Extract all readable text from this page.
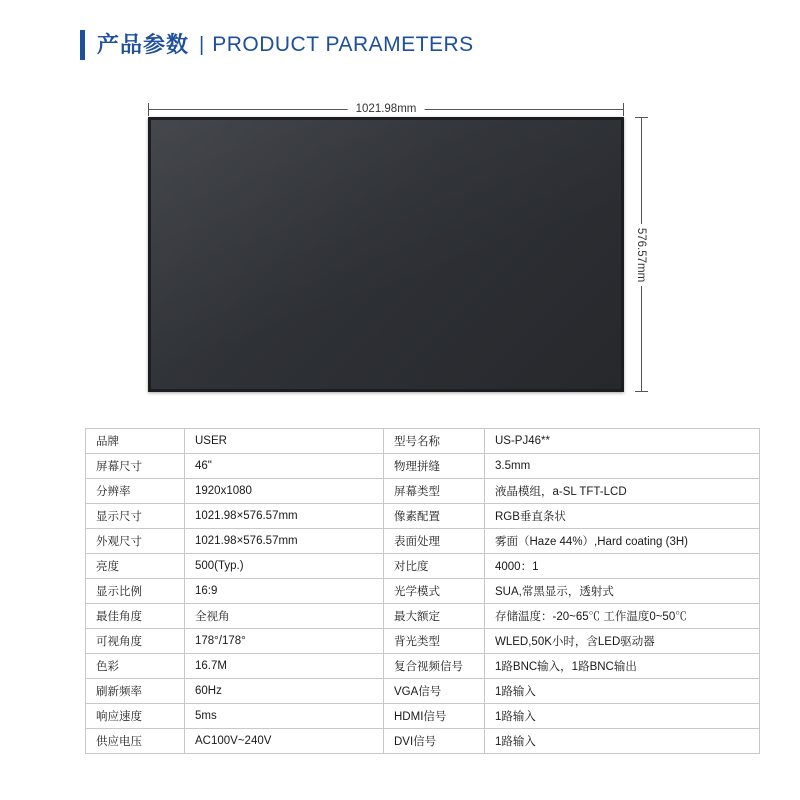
产品参数 | PRODUCT PARAMETERS
1021.98mm
576.57mm
品牌	USER	型号名称	US-PJ46**
屏幕尺寸	46"	物理拼缝	3.5mm
分辨率	1920x1080	屏幕类型	液晶模组，a-SL TFT-LCD
显示尺寸	1021.98×576.57mm	像素配置	RGB垂直条状
外观尺寸	1021.98×576.57mm	表面处理	雾面（Haze 44%）,Hard coating (3H)
亮度	500(Typ.)	对比度	4000：1
显示比例	16:9	光学模式	SUA,常黑显示，透射式
最佳角度	全视角	最大额定	存储温度：-20~65℃ 工作温度0~50℃
可视角度	178°/178°	背光类型	WLED,50K小时，含LED驱动器
色彩	16.7M	复合视频信号	1路BNC输入，1路BNC输出
刷新频率	60Hz	VGA信号	1路输入
响应速度	5ms	HDMI信号	1路输入
供应电压	AC100V~240V	DVI信号	1路输入
